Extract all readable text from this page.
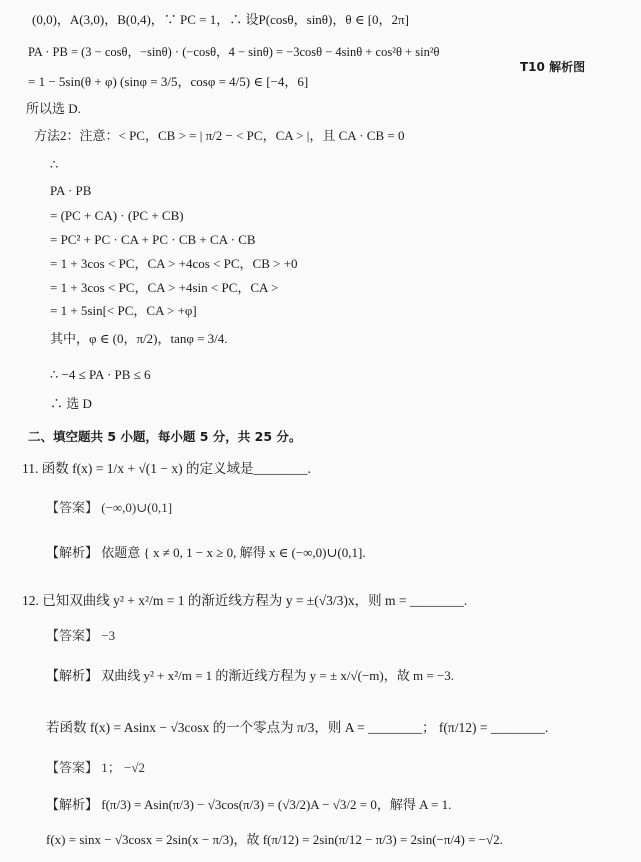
T10 解析图
(0,0)，A(3,0)，B(0,4)，∵ PC = 1，∴ 设P(cosθ，sinθ)，θ ∈ [0，2π]
PA · PB = (3 − cosθ，−sinθ) · (−cosθ，4 − sinθ) = −3cosθ − 4sinθ + cos²θ + sin²θ
= 1 − 5sin(θ + φ) (sinφ = 3/5，cosφ = 4/5) ∈ [−4，6]
所以选 D.
方法2：注意：< PC，CB > = | π/2 − < PC，CA > |，且 CA · CB = 0
∴
PA · PB
= (PC + CA) · (PC + CB)
= PC² + PC · CA + PC · CB + CA · CB
= 1 + 3cos < PC，CA > +4cos < PC，CB > +0
= 1 + 3cos < PC，CA > +4sin < PC，CA >
= 1 + 5sin[< PC，CA > +φ]
其中，φ ∈ (0，π/2)，tanφ = 3/4.
∴ −4 ≤ PA · PB ≤ 6
∴ 选 D
二、填空题共 5 小题，每小题 5 分，共 25 分。
11. 函数 f(x) = 1/x + √(1 − x) 的定义域是________.
【答案】 (−∞,0)∪(0,1]
【解析】 依题意 { x ≠ 0, 1 − x ≥ 0, 解得 x ∈ (−∞,0)∪(0,1].
12. 已知双曲线 y² + x²/m = 1 的渐近线方程为 y = ±(√3/3)x，则 m = ________.
【答案】 −3
【解析】 双曲线 y² + x²/m = 1 的渐近线方程为 y = ± x/√(−m)，故 m = −3.
若函数 f(x) = Asinx − √3cosx 的一个零点为 π/3，则 A = ________； f(π/12) = ________.
【答案】 1； −√2
【解析】 f(π/3) = Asin(π/3) − √3cos(π/3) = (√3/2)A − √3/2 = 0，解得 A = 1.
f(x) = sinx − √3cosx = 2sin(x − π/3)，故 f(π/12) = 2sin(π/12 − π/3) = 2sin(−π/4) = −√2.
